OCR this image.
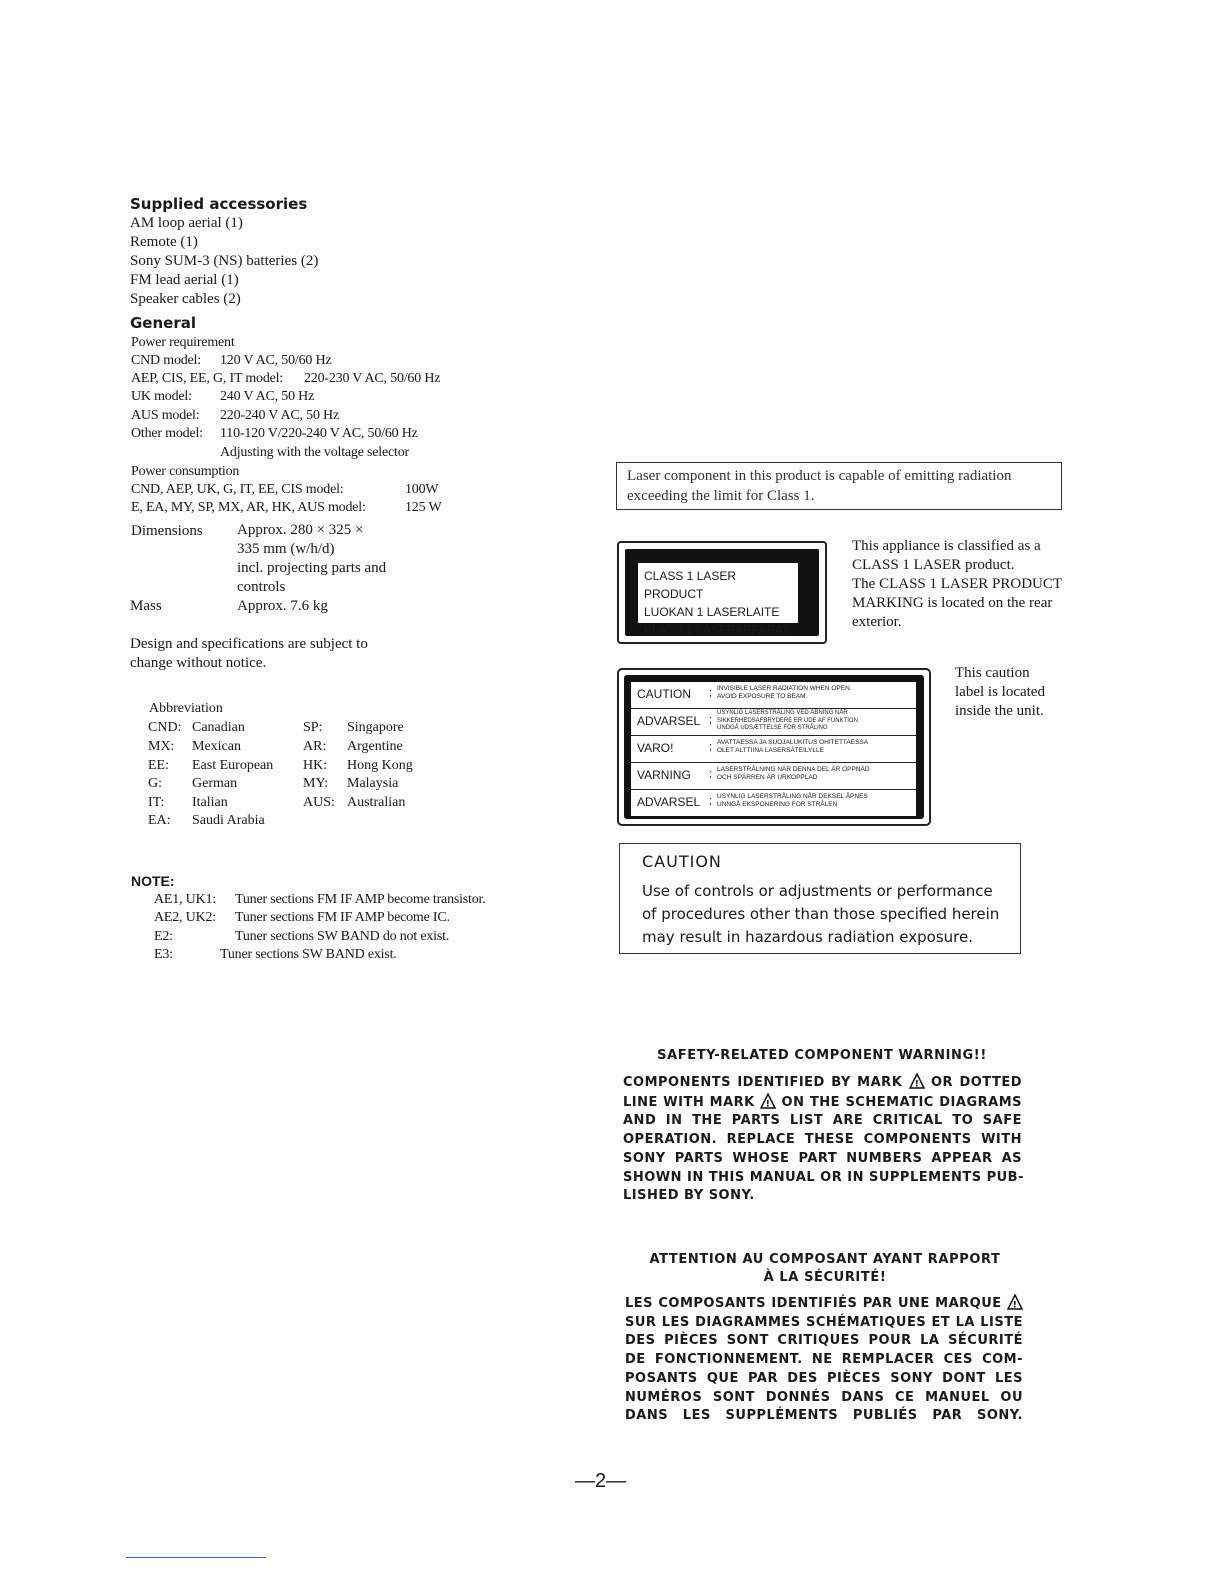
Supplied accessories
AM loop aerial (1)
Remote (1)
Sony SUM-3 (NS) batteries (2)
FM lead aerial (1)
Speaker cables (2)
General
Power requirement
CND model: 120 V AC, 50/60 Hz
AEP, CIS, EE, G, IT model: 220-230 V AC, 50/60 Hz
UK model: 240 V AC, 50 Hz
AUS model: 220-240 V AC, 50 Hz
Other model: 110-120 V/220-240 V AC, 50/60 Hz
Adjusting with the voltage selector
Power consumption
CND, AEP, UK, G, IT, EE, CIS model:	100W
E, EA, MY, SP, MX, AR, HK, AUS model:	125 W
Dimensions Approx. 280 × 325 ×
335 mm (w/h/d)
incl. projecting parts and
controls
Mass	Approx. 7.6 kg
Design and specifications are subject to
change without notice.
Abbreviation
CND: Canadian
MX: Mexican
EE: East European
G: German
IT: Italian
EA: Saudi Arabia
SP: Singapore
AR: Argentine
HK: Hong Kong
MY: Malaysia
AUS: Australian
NOTE:
AE1, UK1: Tuner sections FM IF AMP become transistor.
AE2, UK2: Tuner sections FM IF AMP become IC.
E2:	Tuner sections SW BAND do not exist.
E3:	Tuner sections SW BAND exist.
Laser component in this product is capable of emitting radiation
exceeding the limit for Class 1.
CLASS 1 LASER PRODUCT
LUOKAN 1 LASERLAITE
KLASS 1 LASERAPPARAT
This appliance is classified as a
CLASS 1 LASER product.
The CLASS 1 LASER PRODUCT
MARKING is located on the rear
exterior.
CAUTION ; INVISIBLE LASER RADIATION WHEN OPEN.
AVOID EXPOSURE TO BEAM.
ADVARSEL ;
USYNLIG LASERSTRÅLING VED ÅBNING NÅR
SIKKERHEDSAFBRYDERE ER UDE AF FUNKTION
UNDGÅ UDSÆTTELSE FOR STRÅLING
VARO!	; AVATTAESSA JA SUOJALUKITUS OHITETTAESSA
OLET ALTTIINA LASERSÄTEILYLLE
VARNING ; LASERSTRÅLNING NÄR DENNA DEL ÄR OPPNÄD
OCH SPÄRREN ÄR URKOPPLAD
ADVARSEL ; USYNLIG LASERSTRÅLING NÅR DEKSEL ÅPNES
UNNGÅ EKSPONERING FOR STRÅLEN
This caution
label is located
inside the unit.
CAUTION
Use of controls or adjustments or performance
of procedures other than those specified herein
may result in hazardous radiation exposure.
SAFETY-RELATED COMPONENT WARNING!!
COMPONENTS IDENTIFIED BY MARK ! OR DOTTED
LINE WITH MARK ! ON THE SCHEMATIC DIAGRAMS
AND IN THE PARTS LIST ARE CRITICAL TO SAFE
OPERATION. REPLACE THESE COMPONENTS WITH
SONY PARTS WHOSE PART NUMBERS APPEAR AS
SHOWN IN THIS MANUAL OR IN SUPPLEMENTS PUB-
LISHED BY SONY.
ATTENTION AU COMPOSANT AYANT RAPPORT
À LA SÉCURITÉ!
LES COMPOSANTS IDENTIFIÉS PAR UNE MARQUE !
SUR LES DIAGRAMMES SCHÉMATIQUES ET LA LISTE
DES PIÈCES SONT CRITIQUES POUR LA SÉCURITÉ
DE FONCTIONNEMENT. NE REMPLACER CES COM-
POSANTS QUE PAR DES PIÈCES SONY DONT LES
NUMÉROS SONT DONNÉS DANS CE MANUEL OU
DANS LES SUPPLÉMENTS PUBLIÉS PAR SONY.
—2—
